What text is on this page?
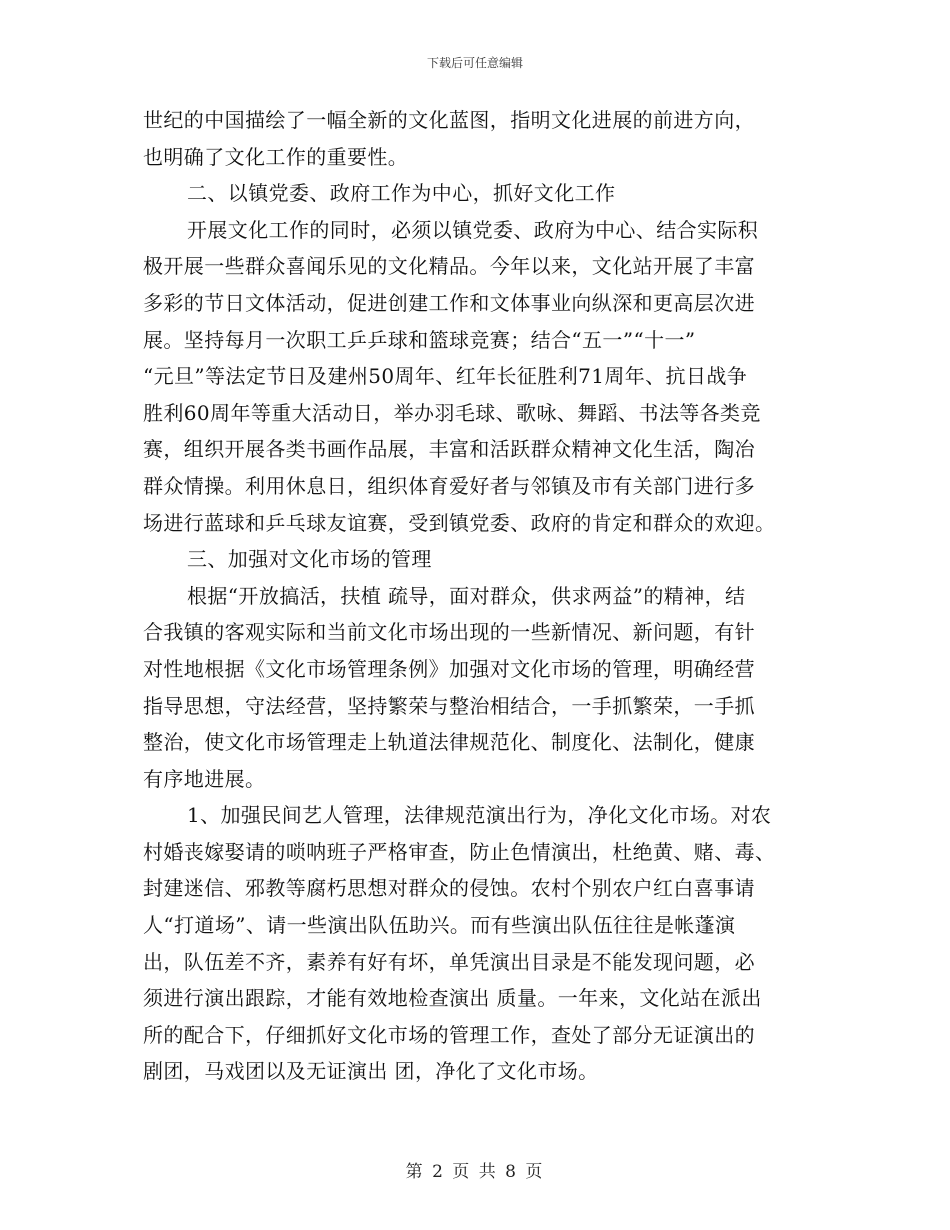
下载后可任意编辑
世纪的中国描绘了一幅全新的文化蓝图，指明文化进展的前进方向，
也明确了文化工作的重要性。
二、以镇党委、政府工作为中心，抓好文化工作
开展文化工作的同时，必须以镇党委、政府为中心、结合实际积
极开展一些群众喜闻乐见的文化精品。今年以来，文化站开展了丰富
多彩的节日文体活动，促进创建工作和文体事业向纵深和更高层次进
展。坚持每月一次职工乒乒球和篮球竞赛；结合“五一”“十一”
“元旦”等法定节日及建州50周年、红年长征胜利71周年、抗日战争
胜利60周年等重大活动日，举办羽毛球、歌咏、舞蹈、书法等各类竞
赛，组织开展各类书画作品展，丰富和活跃群众精神文化生活，陶冶
群众情操。利用休息日，组织体育爱好者与邻镇及市有关部门进行多
场进行蓝球和乒乓球友谊赛，受到镇党委、政府的肯定和群众的欢迎。
三、加强对文化市场的管理
根据“开放搞活，扶植 疏导，面对群众，供求两益”的精神，结
合我镇的客观实际和当前文化市场出现的一些新情况、新问题，有针
对性地根据《文化市场管理条例》加强对文化市场的管理，明确经营
指导思想，守法经营，坚持繁荣与整治相结合，一手抓繁荣，一手抓
整治，使文化市场管理走上轨道法律规范化、制度化、法制化，健康
有序地进展。
1、加强民间艺人管理，法律规范演出行为，净化文化市场。对农
村婚丧嫁娶请的唢呐班子严格审查，防止色情演出，杜绝黄、赌、毒、
封建迷信、邪教等腐朽思想对群众的侵蚀。农村个别农户红白喜事请
人“打道场”、请一些演出队伍助兴。而有些演出队伍往往是帐蓬演
出，队伍差不齐，素养有好有坏，单凭演出目录是不能发现问题，必
须进行演出跟踪，才能有效地检查演出 质量。一年来，文化站在派出
所的配合下，仔细抓好文化市场的管理工作，查处了部分无证演出的
剧团，马戏团以及无证演出 团，净化了文化市场。
第 2 页 共 8 页
